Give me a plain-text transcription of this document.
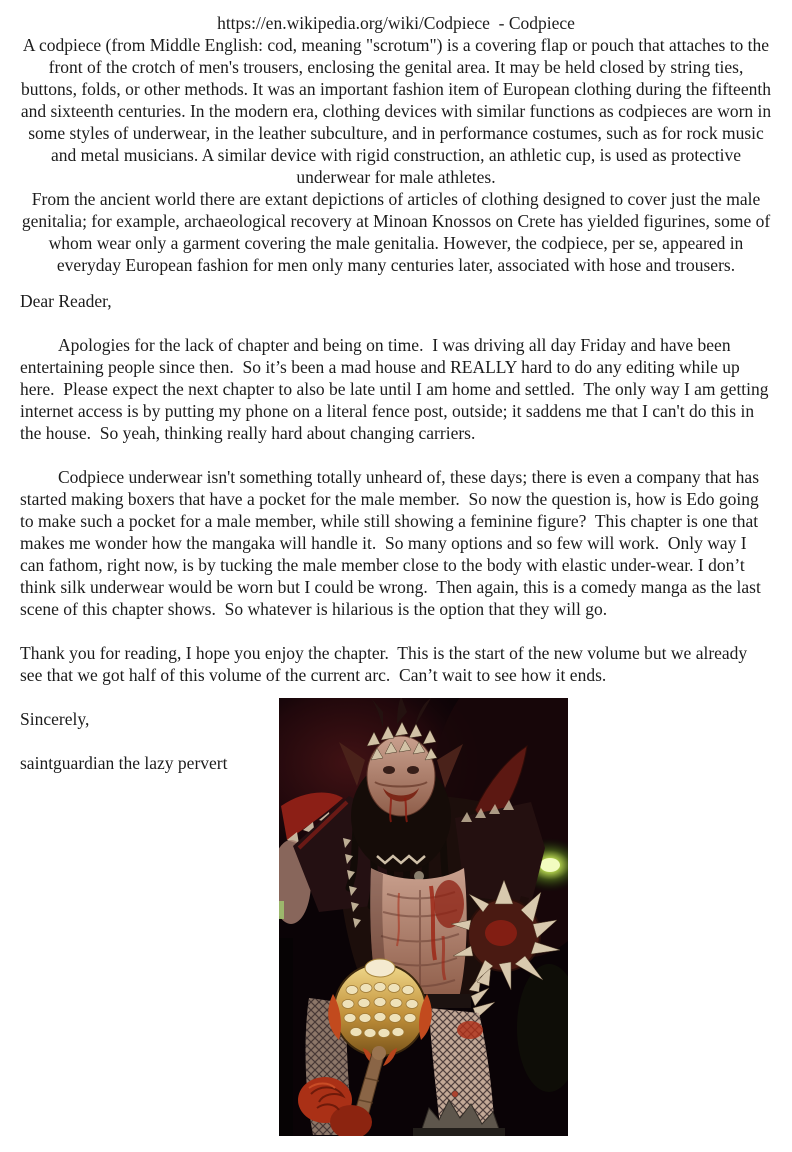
https://en.wikipedia.org/wiki/Codpiece  - Codpiece

A codpiece (from Middle English: cod, meaning "scrotum") is a covering flap or pouch that attaches to the front of the crotch of men's trousers, enclosing the genital area. It may be held closed by string ties, buttons, folds, or other methods. It was an important fashion item of European clothing during the fifteenth and sixteenth centuries. In the modern era, clothing devices with similar functions as codpieces are worn in some styles of underwear, in the leather subculture, and in performance costumes, such as for rock music and metal musicians. A similar device with rigid construction, an athletic cup, is used as protective underwear for male athletes.

From the ancient world there are extant depictions of articles of clothing designed to cover just the male genitalia; for example, archaeological recovery at Minoan Knossos on Crete has yielded figurines, some of whom wear only a garment covering the male genitalia. However, the codpiece, per se, appeared in everyday European fashion for men only many centuries later, associated with hose and trousers.

Dear Reader,

Apologies for the lack of chapter and being on time.  I was driving all day Friday and have been entertaining people since then.  So it’s been a mad house and REALLY hard to do any editing while up here.  Please expect the next chapter to also be late until I am home and settled.  The only way I am getting internet access is by putting my phone on a literal fence post, outside; it saddens me that I can't do this in the house.  So yeah, thinking really hard about changing carriers.

Codpiece underwear isn't something totally unheard of, these days; there is even a company that has started making boxers that have a pocket for the male member.  So now the question is, how is Edo going to make such a pocket for a male member, while still showing a feminine figure?  This chapter is one that makes me wonder how the mangaka will handle it.  So many options and so few will work.  Only way I can fathom, right now, is by tucking the male member close to the body with elastic under-wear. I don’t think silk underwear would be worn but I could be wrong.  Then again, this is a comedy manga as the last scene of this chapter shows.  So whatever is hilarious is the option that they will go.

Thank you for reading, I hope you enjoy the chapter.  This is the start of the new volume but we already see that we got half of this volume of the current arc.  Can’t wait to see how it ends.

Sincerely,

saintguardian the lazy pervert
